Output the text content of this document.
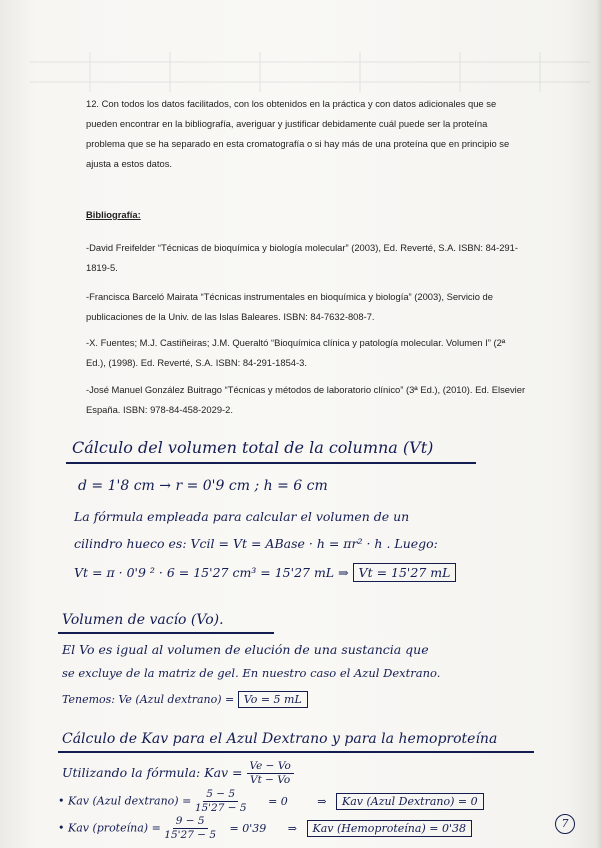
12. Con todos los datos facilitados, con los obtenidos en la práctica y con datos adicionales que se pueden encontrar en la bibliografía, averiguar y justificar debidamente cuál puede ser la proteína problema que se ha separado en esta cromatografía o si hay más de una proteína que en principio se ajusta a estos datos.
Bibliografía:
-David Freifelder “Técnicas de bioquímica y biología molecular” (2003), Ed. Reverté, S.A. ISBN: 84-291-1819-5.
-Francisca Barceló Mairata “Técnicas instrumentales en bioquímica y biología” (2003), Servicio de publicaciones de la Univ. de las Islas Baleares. ISBN: 84-7632-808-7.
-X. Fuentes; M.J. Castiñeiras; J.M. Queraltó “Bioquímica clínica y patología molecular. Volumen I” (2ª Ed.), (1998). Ed. Reverté, S.A. ISBN: 84-291-1854-3.
-José Manuel González Buitrago “Técnicas y métodos de laboratorio clínico” (3ª Ed.), (2010). Ed. Elsevier España. ISBN: 978-84-458-2029-2.
Cálculo del volumen total de la columna (Vt)
d = 1'8 cm → r = 0'9 cm ; h = 6 cm
La fórmula empleada para calcular el volumen de un
cilindro hueco es: Vcil = Vt = ABase · h = πr² · h . Luego:
Vt = π · 0'9 ² · 6 = 15'27 cm³ = 15'27 mL ⇒ Vt = 15'27 mL
Volumen de vacío (Vo).
El Vo es igual al volumen de elución de una sustancia que
se excluye de la matriz de gel. En nuestro caso el Azul Dextrano.
Tenemos: Ve (Azul dextrano) = Vo = 5 mL
Cálculo de Kav para el Azul Dextrano y para la hemoproteína
Utilizando la fórmula: Kav = $\frac{Ve - Vo}{Vt - Vo}$
• Kav (Azul dextrano) = $\frac{5 - 5}{15'27 - 5} = 0$	⇒ Kav (Azul Dextrano) = 0
• Kav (proteína) = $\frac{9 - 5}{15'27 - 5} = 0'39$ ⇒ Kav (Hemoproteína) = 0'38	7
